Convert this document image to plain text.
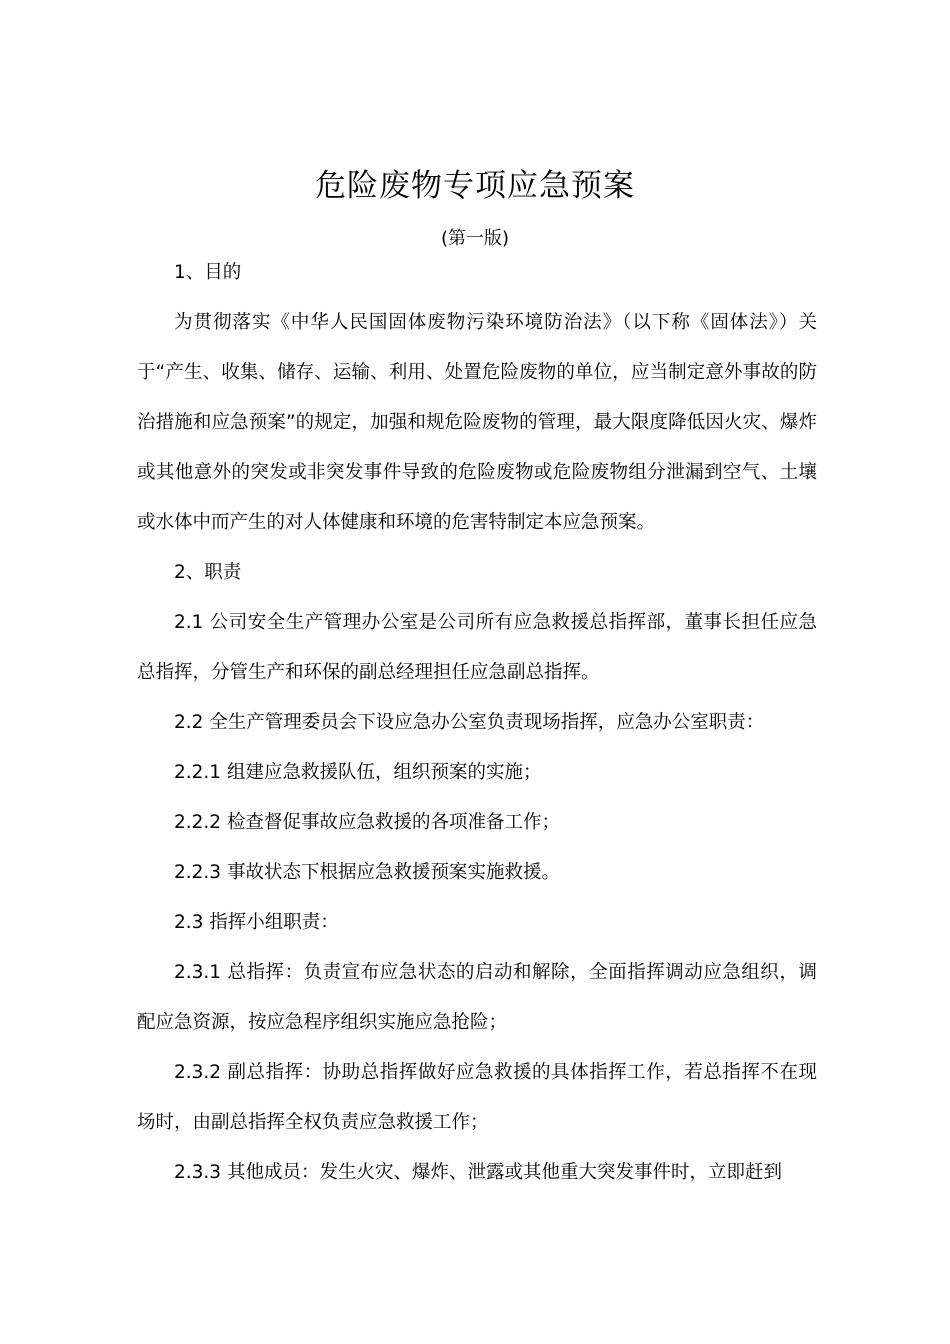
危险废物专项应急预案
(第一版)

1、目的

为贯彻落实《中华人民国固体废物污染环境防治法》（以下称《固体法》）关于“产生、收集、储存、运输、利用、处置危险废物的单位，应当制定意外事故的防治措施和应急预案”的规定，加强和规危险废物的管理，最大限度降低因火灾、爆炸或其他意外的突发或非突发事件导致的危险废物或危险废物组分泄漏到空气、土壤或水体中而产生的对人体健康和环境的危害特制定本应急预案。

2、职责

2.1 公司安全生产管理办公室是公司所有应急救援总指挥部，董事长担任应急总指挥，分管生产和环保的副总经理担任应急副总指挥。

2.2 全生产管理委员会下设应急办公室负责现场指挥，应急办公室职责：

2.2.1 组建应急救援队伍，组织预案的实施；

2.2.2 检查督促事故应急救援的各项准备工作；

2.2.3 事故状态下根据应急救援预案实施救援。

2.3 指挥小组职责：

2.3.1 总指挥：负责宣布应急状态的启动和解除，全面指挥调动应急组织，调配应急资源，按应急程序组织实施应急抢险；

2.3.2 副总指挥：协助总指挥做好应急救援的具体指挥工作，若总指挥不在现场时，由副总指挥全权负责应急救援工作；

2.3.3 其他成员：发生火灾、爆炸、泄露或其他重大突发事件时，立即赶到
